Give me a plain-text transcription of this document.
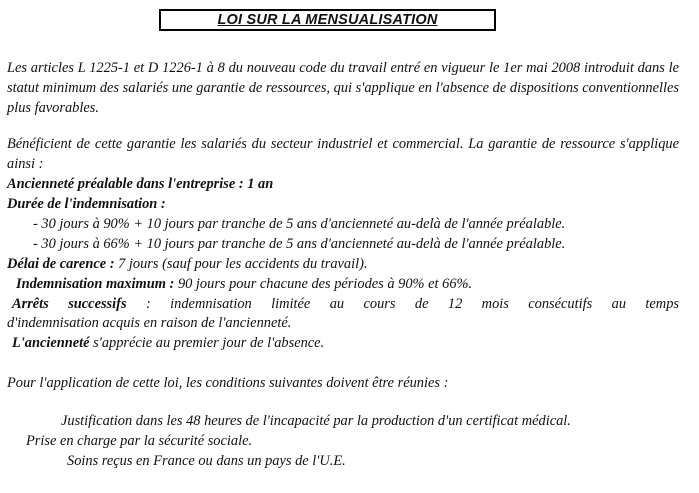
LOI SUR LA MENSUALISATION
Les articles L 1225-1 et D 1226-1 à 8 du nouveau code du travail entré en vigueur le 1er mai 2008 introduit dans le statut minimum des salariés une garantie de ressources, qui s'applique en l'absence de dispositions conventionnelles plus favorables.
Bénéficient de cette garantie les salariés du secteur industriel et commercial. La garantie de ressource s'applique ainsi :
Ancienneté préalable dans l'entreprise : 1 an
Durée de l'indemnisation :
- 30 jours à 90% + 10 jours par tranche de 5 ans d'ancienneté au-delà de l'année préalable.
- 30 jours à 66% + 10 jours par tranche de 5 ans d'ancienneté au-delà de l'année préalable.
Délai de carence : 7 jours (sauf pour les accidents du travail).
Indemnisation maximum : 90 jours pour chacune des périodes à 90% et 66%.
Arrêts successifs : indemnisation limitée au cours de 12 mois consécutifs au temps
d'indemnisation acquis en raison de l'ancienneté.
L'ancienneté s'apprécie au premier jour de l'absence.
Pour l'application de cette loi, les conditions suivantes doivent être réunies :
Justification dans les 48 heures de l'incapacité par la production d'un certificat médical.
Prise en charge par la sécurité sociale.
Soins reçus en France ou dans un pays de l'U.E.
